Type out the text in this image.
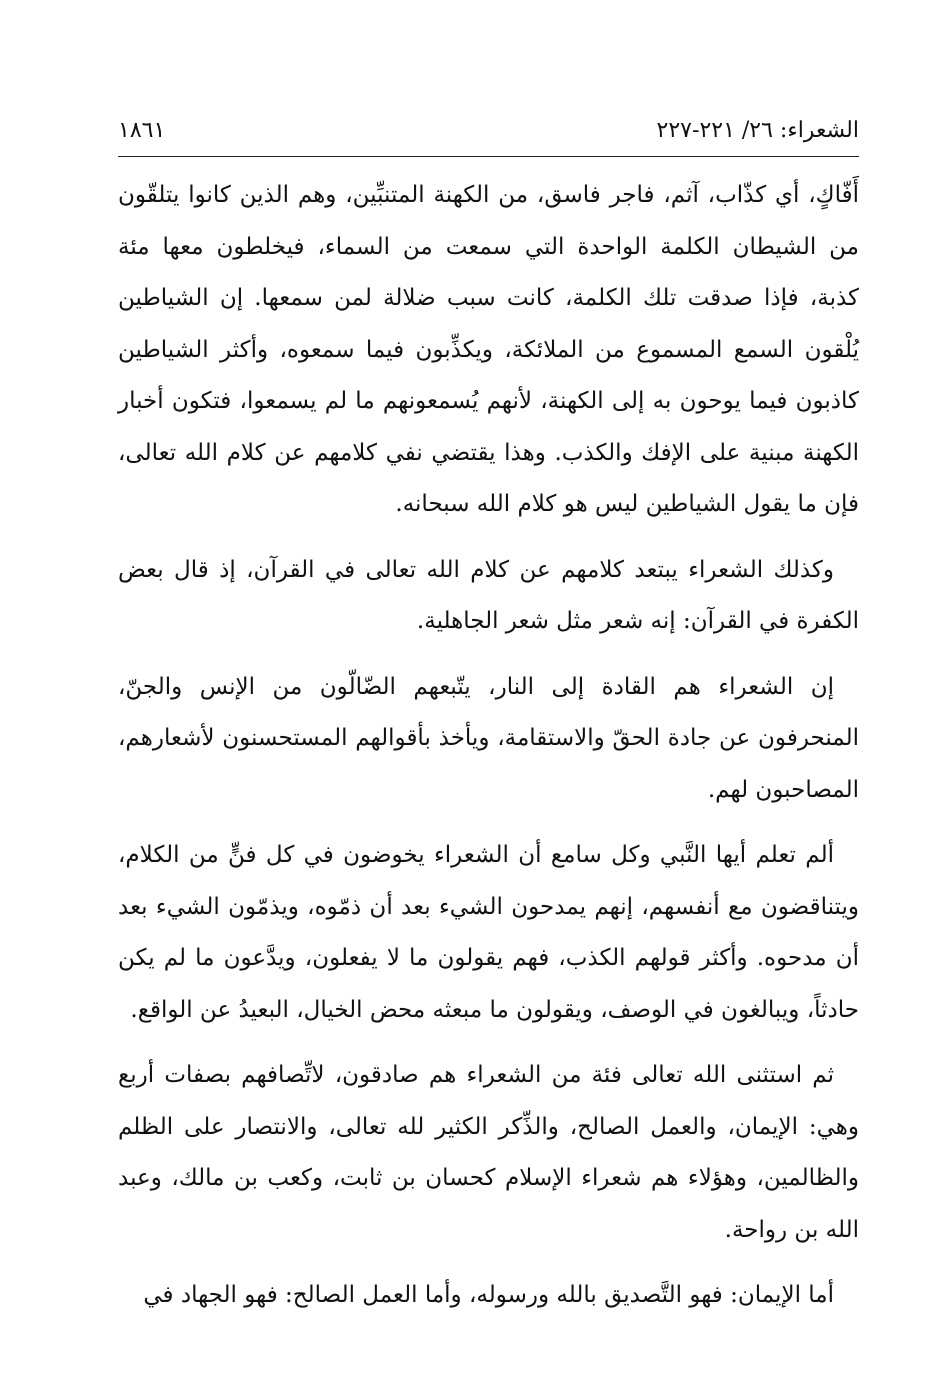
الشعراء: ٢٦/ ٢٢١-٢٢٧
١٨٦١

أَفّاكٍ، أي كذّاب، آثم، فاجر فاسق، من الكهنة المتنبِّين، وهم الذين كانوا يتلقّون من الشيطان الكلمة الواحدة التي سمعت من السماء، فيخلطون معها مئة كذبة، فإذا صدقت تلك الكلمة، كانت سبب ضلالة لمن سمعها. إن الشياطين يُلْقون السمع المسموع من الملائكة، ويكذِّبون فيما سمعوه، وأكثر الشياطين كاذبون فيما يوحون به إلى الكهنة، لأنهم يُسمعونهم ما لم يسمعوا، فتكون أخبار الكهنة مبنية على الإفك والكذب. وهذا يقتضي نفي كلامهم عن كلام الله تعالى، فإن ما يقول الشياطين ليس هو كلام الله سبحانه.

وكذلك الشعراء يبتعد كلامهم عن كلام الله تعالى في القرآن، إذ قال بعض الكفرة في القرآن: إنه شعر مثل شعر الجاهلية.

إن الشعراء هم القادة إلى النار، يتّبعهم الضّالّون من الإنس والجنّ، المنحرفون عن جادة الحقّ والاستقامة، ويأخذ بأقوالهم المستحسنون لأشعارهم، المصاحبون لهم.

ألم تعلم أيها النَّبي وكل سامع أن الشعراء يخوضون في كل فنٍّ من الكلام، ويتناقضون مع أنفسهم، إنهم يمدحون الشيء بعد أن ذمّوه، ويذمّون الشيء بعد أن مدحوه. وأكثر قولهم الكذب، فهم يقولون ما لا يفعلون، ويدَّعون ما لم يكن حادثاً، ويبالغون في الوصف، ويقولون ما مبعثه محض الخيال، البعيدُ عن الواقع.

ثم استثنى الله تعالى فئة من الشعراء هم صادقون، لاتِّصافهم بصفات أربع وهي: الإيمان، والعمل الصالح، والذِّكر الكثير لله تعالى، والانتصار على الظلم والظالمين، وهؤلاء هم شعراء الإسلام كحسان بن ثابت، وكعب بن مالك، وعبد الله بن رواحة.

أما الإيمان: فهو التَّصديق بالله ورسوله، وأما العمل الصالح: فهو الجهاد في
